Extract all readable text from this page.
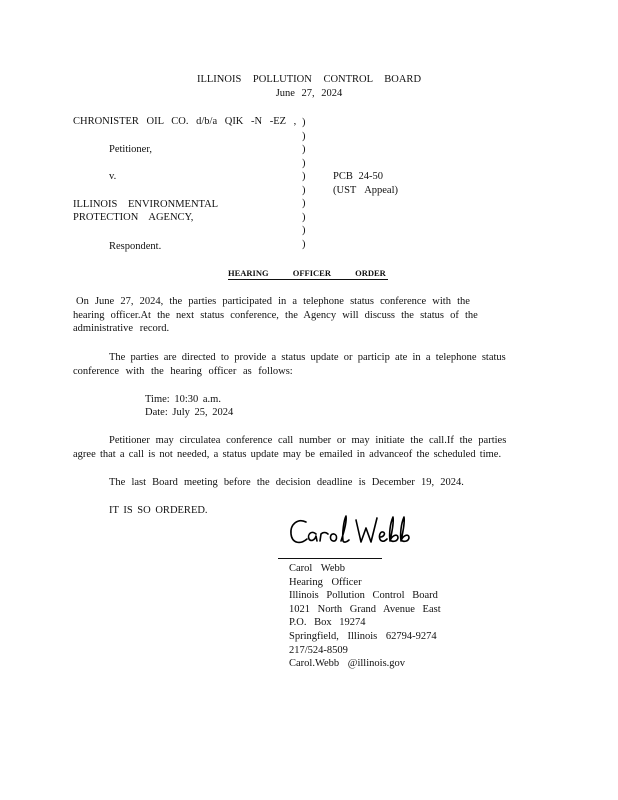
ILLINOIS POLLUTION CONTROL BOARD
June 27, 2024
CHRONISTER OIL CO. d/b/a QIK -N -EZ ,
Petitioner,
v.
ILLINOIS ENVIRONMENTAL
PROTECTION AGENCY,
Respondent.
)
)
)
)
)
)
)
)
)
)
PCB 24-50
(UST Appeal)
HEARING OFFICER ORDER
On June 27, 2024, the parties participated in a telephone status conference with the
hearing officer.At the next status conference, the Agency will discuss the status of the
administrative record.
The parties are directed to provide a status update or particip ate in a telephone status
conference with the hearing officer as follows:
Time: 10:30 a.m.
Date: July 25, 2024
Petitioner may circulatea conference call number or may initiate the call.If the parties
agree that a call is not needed, a status update may be emailed in advanceof the scheduled time.
The last Board meeting before the decision deadline is December 19, 2024.
IT IS SO ORDERED.
Carol Webb
Hearing Officer
Illinois Pollution Control Board
1021 North Grand Avenue East
P.O. Box 19274
Springfield, Illinois 62794-9274
217/524-8509
Carol.Webb @illinois.gov
